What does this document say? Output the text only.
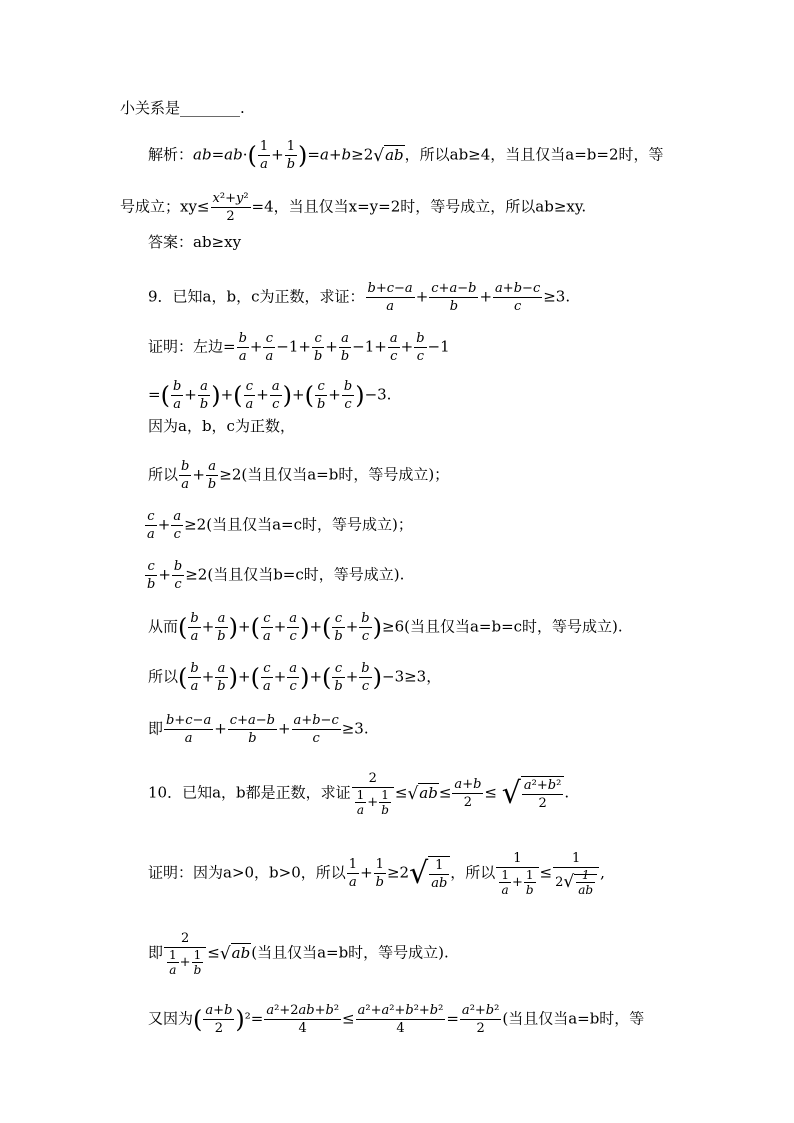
小关系是________.
解析：$ab=ab\cdot( \frac{1}{a} + \frac{1}{b} )=a+b\ge 2√ab$，所以ab≥4，当且仅当a=b=2时，等
号成立；$xy\le \frac{\text{x²+y²}}{2} =4$，当且仅当x=y=2时，等号成立，所以ab≥xy.
答案：ab≥xy
9．已知a，b，c为正数，求证： $\frac{b+c-a}{a} + \frac{c+a-b}{b} + \frac{a+b-c}{c} \ge 3$.
证明：左边= $\frac{b}{a} + \frac{c}{a} -1+ \frac{c}{b} + \frac{a}{b} -1+ \frac{a}{c} + \frac{b}{c} -1$
=( $\frac{b}{a} + \frac{a}{b}$ )+( $\frac{c}{a} + \frac{a}{c}$ )+( $\frac{c}{b} + \frac{b}{c} )-3$.
因为a，b，c为正数，
所以 $\frac{b}{a} + \frac{a}{b} \ge 2$(当且仅当a=b时，等号成立)；
$\frac{c}{a} + \frac{a}{c} \ge 2$(当且仅当a=c时，等号成立)；
$\frac{c}{b} + \frac{b}{c} \ge 2$(当且仅当b=c时，等号成立).
从而( $\frac{b}{a} + \frac{a}{b}$ )+( $\frac{c}{a} + \frac{a}{c}$ )+( $\frac{c}{b} + \frac{b}{c} )\ge 6$(当且仅当a=b=c时，等号成立).
所以( $\frac{b}{a} + \frac{a}{b}$ )+( $\frac{c}{a} + \frac{a}{c}$ )+( $\frac{c}{b} + \frac{b}{c} )-3\ge 3$，
即 $\frac{b+c-a}{a} + \frac{c+a-b}{b} + \frac{a+b-c}{c} \ge 3$.
10．已知a，b都是正数，求证 $\frac{2}{\frac{1}{a} + \frac{1}{b}} \le√ab\le \frac{a+b}{2}$ ≤ √ $\frac{\text{a²+b²}}{2}$ .
证明：因为a>0，b>0，所以 $\frac{1}{a} + \frac{1}{b} \ge 2√ \frac{1}{ab}$ ，所以 $\frac{1}{\frac{1}{a} + \frac{1}{b}} \le \frac{1}{2√ \frac{1}{ab}}$ ,
即 $\frac{2}{\frac{1}{a} + \frac{1}{b}} \le√ab$(当且仅当a=b时，等号成立).
又因为( $\frac{a+b}{2} )^2= \frac{\text{a²+2ab+b²}}{4} \le \frac{\text{a²+a²+b²+b²}}{4} = \frac{\text{a²+b²}}{2}$ (当且仅当a=b时，等
